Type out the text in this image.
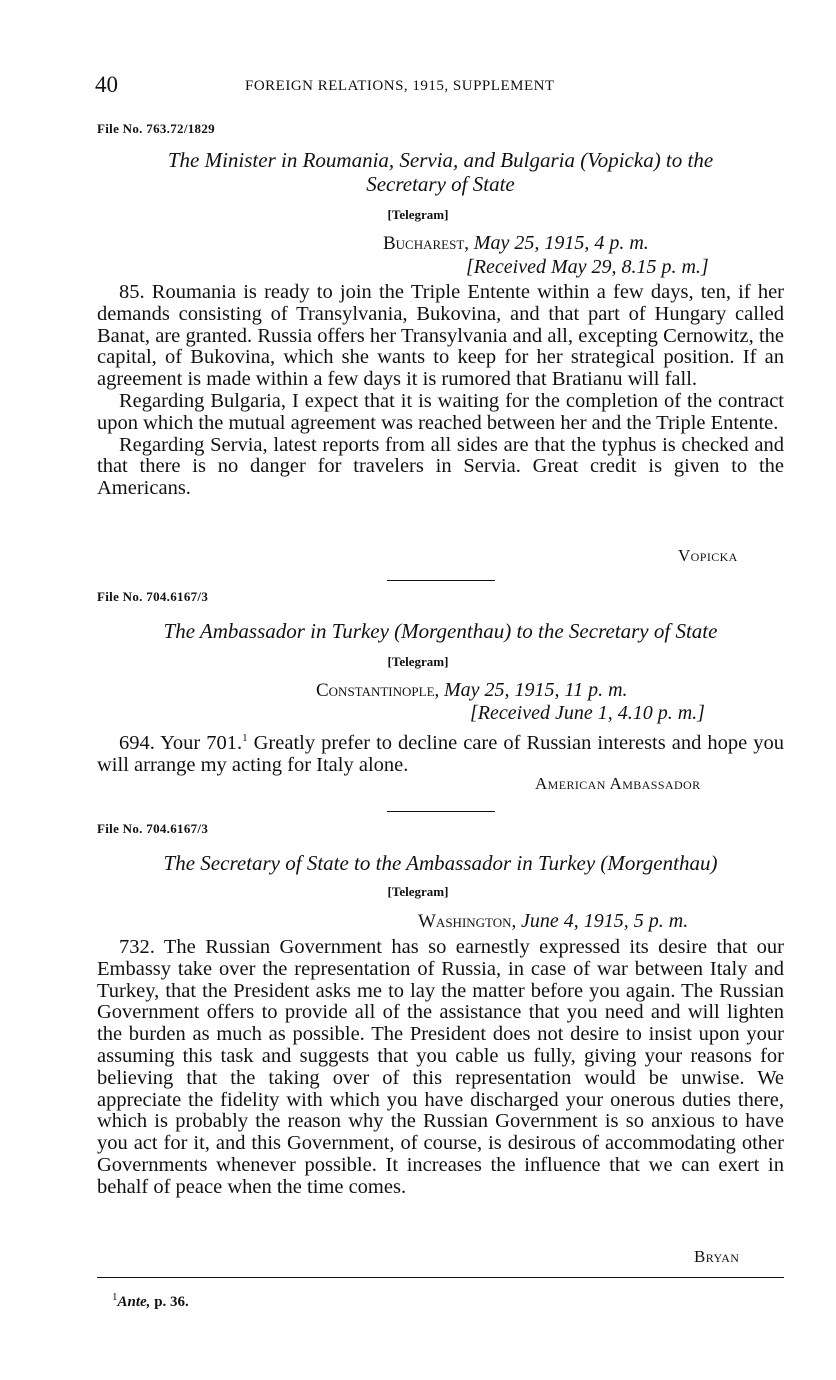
40	FOREIGN RELATIONS, 1915, SUPPLEMENT
File No. 763.72/1829
The Minister in Roumania, Servia, and Bulgaria (Vopicka) to the
Secretary of State
[Telegram]
Bucharest, May 25, 1915, 4 p. m.
[Received May 29, 8.15 p. m.]

85. Roumania is ready to join the Triple Entente within a few days, ten, if her demands consisting of Transylvania, Bukovina, and that part of Hungary called Banat, are granted. Russia offers her Transylvania and all, excepting Cernowitz, the capital, of Bukovina, which she wants to keep for her strategical position. If an agreement is made within a few days it is rumored that Bratianu will fall.

Regarding Bulgaria, I expect that it is waiting for the completion of the contract upon which the mutual agreement was reached between her and the Triple Entente.

Regarding Servia, latest reports from all sides are that the typhus is checked and that there is no danger for travelers in Servia. Great credit is given to the Americans.

Vopicka
File No. 704.6167/3
The Ambassador in Turkey (Morgenthau) to the Secretary of State
[Telegram]
Constantinople, May 25, 1915, 11 p. m.
[Received June 1, 4.10 p. m.]

694. Your 701.$^1$ Greatly prefer to decline care of Russian interests and hope you will arrange my acting for Italy alone.

American Ambassador
File No. 704.6167/3
The Secretary of State to the Ambassador in Turkey (Morgenthau)
[Telegram]
Washington, June 4, 1915, 5 p. m.

732. The Russian Government has so earnestly expressed its desire that our Embassy take over the representation of Russia, in case of war between Italy and Turkey, that the President asks me to lay the matter before you again. The Russian Government offers to provide all of the assistance that you need and will lighten the burden as much as possible. The President does not desire to insist upon your assuming this task and suggests that you cable us fully, giving your reasons for believing that the taking over of this representation would be unwise. We appreciate the fidelity with which you have discharged your onerous duties there, which is probably the reason why the Russian Government is so anxious to have you act for it, and this Government, of course, is desirous of accommodating other Governments whenever possible. It increases the influence that we can exert in behalf of peace when the time comes.

Bryan
$^1$Ante, p. 36.
